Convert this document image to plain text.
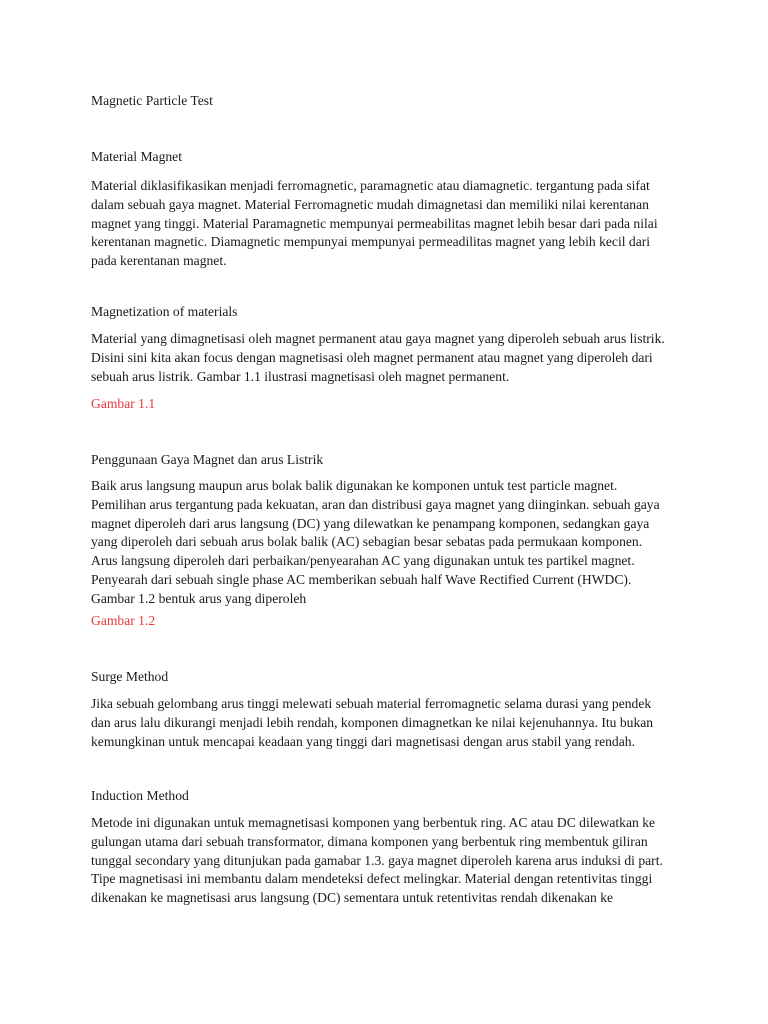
Magnetic Particle Test

Material Magnet

Material diklasifikasikan menjadi ferromagnetic, paramagnetic atau diamagnetic. tergantung pada sifat
dalam sebuah gaya magnet. Material Ferromagnetic mudah dimagnetasi dan memiliki nilai kerentanan
magnet yang tinggi. Material Paramagnetic mempunyai permeabilitas magnet lebih besar dari pada nilai
kerentanan magnetic. Diamagnetic mempunyai mempunyai permeadilitas magnet yang lebih kecil dari
pada kerentanan magnet.

Magnetization of materials

Material yang dimagnetisasi oleh magnet permanent atau gaya magnet yang diperoleh sebuah arus listrik.
Disini sini kita akan focus dengan magnetisasi oleh magnet permanent atau magnet yang diperoleh dari
sebuah arus listrik. Gambar 1.1 ilustrasi magnetisasi oleh magnet permanent.

Gambar 1.1

Penggunaan Gaya Magnet dan arus Listrik

Baik arus langsung maupun arus bolak balik digunakan ke komponen untuk test particle magnet.
Pemilihan arus tergantung pada kekuatan, aran dan distribusi gaya magnet yang diinginkan. sebuah gaya
magnet diperoleh dari arus langsung (DC) yang dilewatkan ke penampang komponen, sedangkan gaya
yang diperoleh dari sebuah arus bolak balik (AC) sebagian besar sebatas pada permukaan komponen.
Arus langsung diperoleh dari perbaikan/penyearahan AC yang digunakan untuk tes partikel magnet.
Penyearah dari sebuah single phase AC memberikan sebuah half Wave Rectified Current (HWDC).
Gambar 1.2 bentuk arus yang diperoleh

Gambar 1.2

Surge Method

Jika sebuah gelombang arus tinggi melewati sebuah material ferromagnetic selama durasi yang pendek
dan arus lalu dikurangi menjadi lebih rendah, komponen dimagnetkan ke nilai kejenuhannya. Itu bukan
kemungkinan untuk mencapai keadaan yang tinggi dari magnetisasi dengan arus stabil yang rendah.

Induction Method

Metode ini digunakan untuk memagnetisasi komponen yang berbentuk ring. AC atau DC dilewatkan ke
gulungan utama dari sebuah transformator, dimana komponen yang berbentuk ring membentuk giliran
tunggal secondary yang ditunjukan pada gamabar 1.3. gaya magnet diperoleh karena arus induksi di part.
Tipe magnetisasi ini membantu dalam mendeteksi defect melingkar. Material dengan retentivitas tinggi
dikenakan ke magnetisasi arus langsung (DC) sementara untuk retentivitas rendah dikenakan ke
